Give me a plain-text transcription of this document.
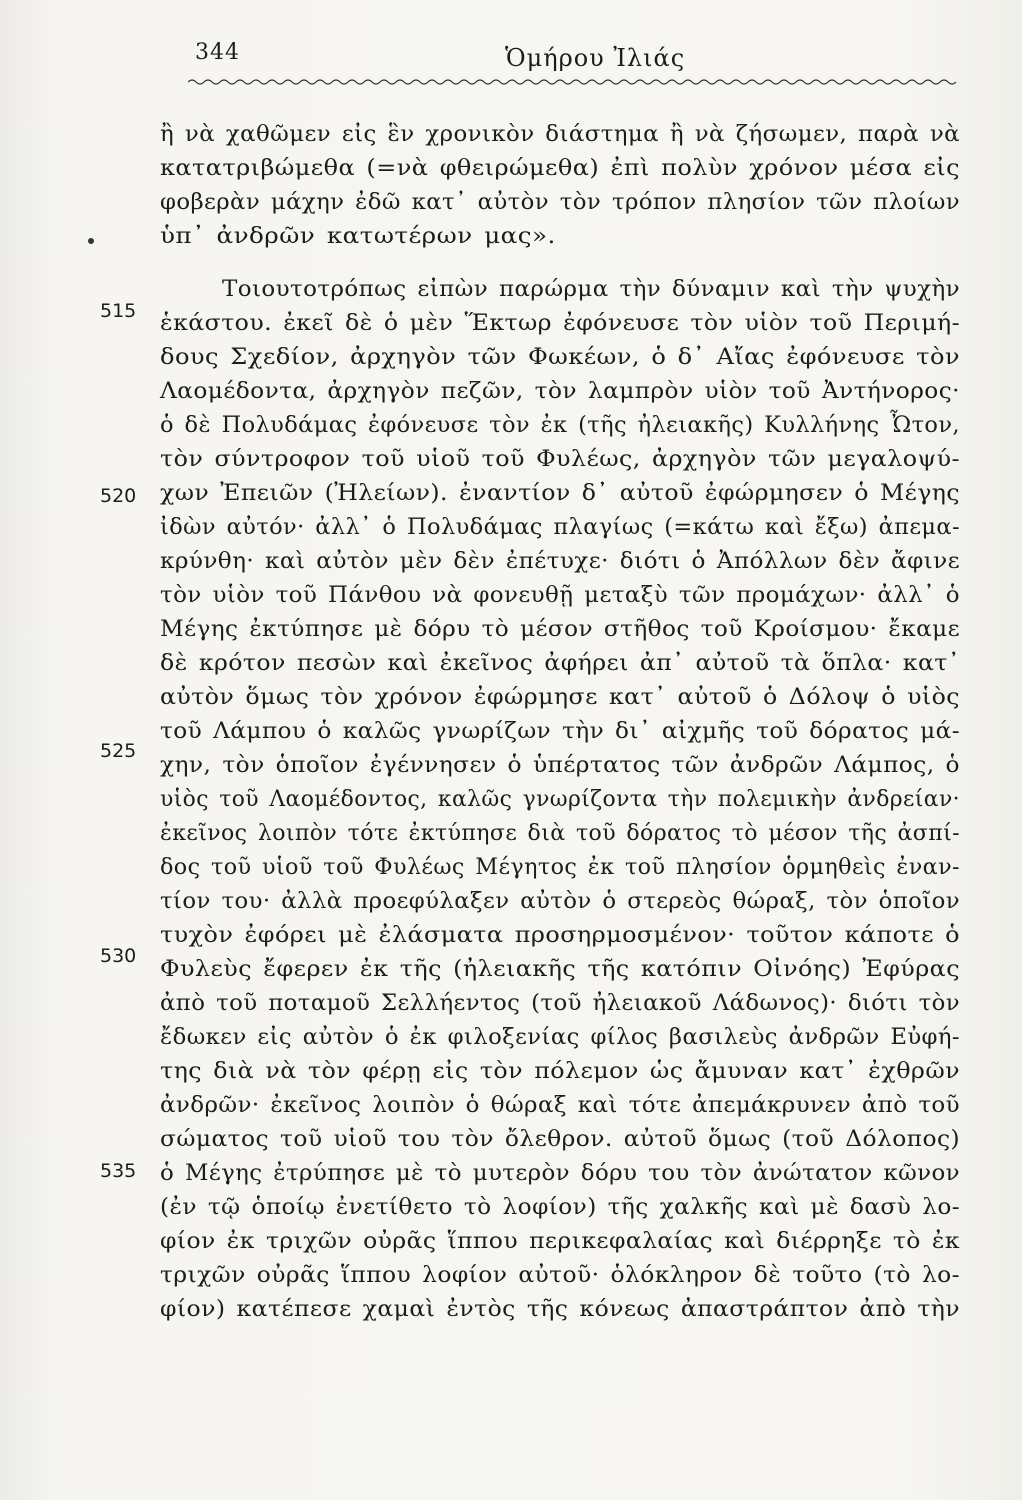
344	Ὁμήρου Ἰλιάς
515
520
525
530
535
ἢ νὰ χαθῶμεν εἰς ἓν χρονικὸν διάστημα ἢ νὰ ζήσωμεν, παρὰ νὰ
κατατριβώμεθα (=νὰ φθειρώμεθα) ἐπὶ πολὺν χρόνον μέσα εἰς
φοβερὰν μάχην ἐδῶ κατ᾽ αὐτὸν τὸν τρόπον πλησίον τῶν πλοίων
ὑπ᾽ ἀνδρῶν κατωτέρων μας».
Τοιουτοτρόπως εἰπὼν παρώρμα τὴν δύναμιν καὶ τὴν ψυχὴν
ἑκάστου. ἐκεῖ δὲ ὁ μὲν Ἕκτωρ ἐφόνευσε τὸν υἱὸν τοῦ Περιμή-
δους Σχεδίον, ἀρχηγὸν τῶν Φωκέων, ὁ δ᾽ Αἴας ἐφόνευσε τὸν
Λαομέδοντα, ἀρχηγὸν πεζῶν, τὸν λαμπρὸν υἱὸν τοῦ Ἀντήνορος·
ὁ δὲ Πολυδάμας ἐφόνευσε τὸν ἐκ (τῆς ἠλειακῆς) Κυλλήνης Ὦτον,
τὸν σύντροφον τοῦ υἱοῦ τοῦ Φυλέως, ἀρχηγὸν τῶν μεγαλοψύ-
χων Ἐπειῶν (Ἠλείων). ἐναντίον δ᾽ αὐτοῦ ἐφώρμησεν ὁ Μέγης
ἰδὼν αὐτόν· ἀλλ᾽ ὁ Πολυδάμας πλαγίως (=κάτω καὶ ἔξω) ἀπεμα-
κρύνθη· καὶ αὐτὸν μὲν δὲν ἐπέτυχε· διότι ὁ Ἀπόλλων δὲν ἄφινε
τὸν υἱὸν τοῦ Πάνθου νὰ φονευθῇ μεταξὺ τῶν προμάχων· ἀλλ᾽ ὁ
Μέγης ἐκτύπησε μὲ δόρυ τὸ μέσον στῆθος τοῦ Κροίσμου· ἔκαμε
δὲ κρότον πεσὼν καὶ ἐκεῖνος ἀφήρει ἀπ᾽ αὐτοῦ τὰ ὅπλα· κατ᾽
αὐτὸν ὅμως τὸν χρόνον ἐφώρμησε κατ᾽ αὐτοῦ ὁ Δόλοψ ὁ υἱὸς
τοῦ Λάμπου ὁ καλῶς γνωρίζων τὴν δι᾽ αἰχμῆς τοῦ δόρατος μά-
χην, τὸν ὁποῖον ἐγέννησεν ὁ ὑπέρτατος τῶν ἀνδρῶν Λάμπος, ὁ
υἱὸς τοῦ Λαομέδοντος, καλῶς γνωρίζοντα τὴν πολεμικὴν ἀνδρείαν·
ἐκεῖνος λοιπὸν τότε ἐκτύπησε διὰ τοῦ δόρατος τὸ μέσον τῆς ἀσπί-
δος τοῦ υἱοῦ τοῦ Φυλέως Μέγητος ἐκ τοῦ πλησίον ὁρμηθεὶς ἐναν-
τίον του· ἀλλὰ προεφύλαξεν αὐτὸν ὁ στερεὸς θώραξ, τὸν ὁποῖον
τυχὸν ἐφόρει μὲ ἐλάσματα προσηρμοσμένον· τοῦτον κάποτε ὁ
Φυλεὺς ἔφερεν ἐκ τῆς (ἠλειακῆς τῆς κατόπιν Οἰνόης) Ἐφύρας
ἀπὸ τοῦ ποταμοῦ Σελλήεντος (τοῦ ἠλειακοῦ Λάδωνος)· διότι τὸν
ἔδωκεν εἰς αὐτὸν ὁ ἐκ φιλοξενίας φίλος βασιλεὺς ἀνδρῶν Εὐφή-
της διὰ νὰ τὸν φέρῃ εἰς τὸν πόλεμον ὡς ἄμυναν κατ᾽ ἐχθρῶν
ἀνδρῶν· ἐκεῖνος λοιπὸν ὁ θώραξ καὶ τότε ἀπεμάκρυνεν ἀπὸ τοῦ
σώματος τοῦ υἱοῦ του τὸν ὄλεθρον. αὐτοῦ ὅμως (τοῦ Δόλοπος)
ὁ Μέγης ἐτρύπησε μὲ τὸ μυτερὸν δόρυ του τὸν ἀνώτατον κῶνον
(ἐν τῷ ὁποίῳ ἐνετίθετο τὸ λοφίον) τῆς χαλκῆς καὶ μὲ δασὺ λο-
φίον ἐκ τριχῶν οὐρᾶς ἵππου περικεφαλαίας καὶ διέρρηξε τὸ ἐκ
τριχῶν οὐρᾶς ἵππου λοφίον αὐτοῦ· ὁλόκληρον δὲ τοῦτο (τὸ λο-
φίον) κατέπεσε χαμαὶ ἐντὸς τῆς κόνεως ἀπαστράπτον ἀπὸ τὴν
